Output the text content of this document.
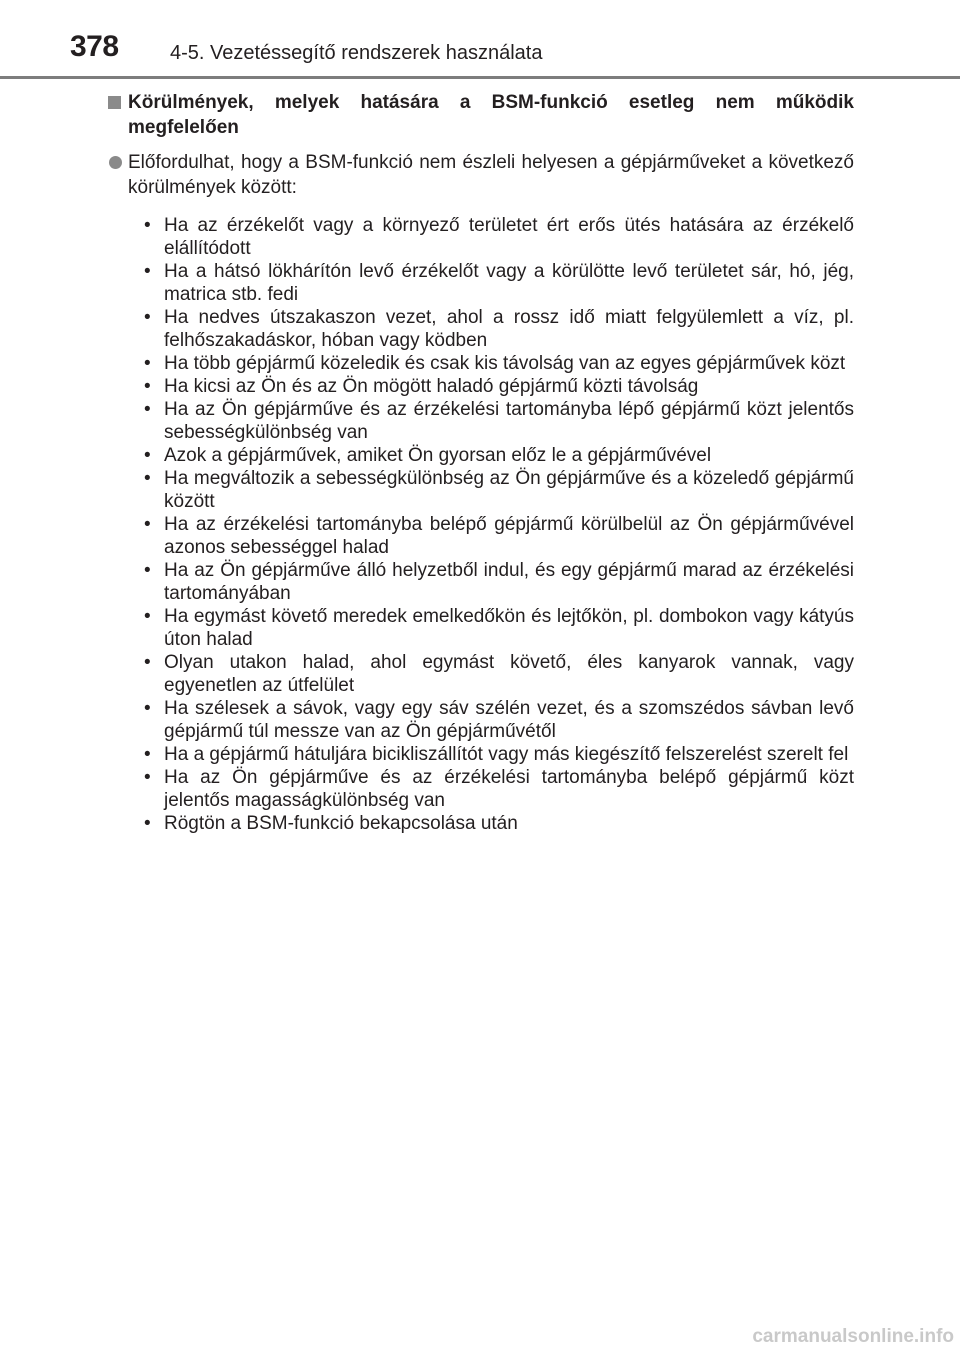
378	4-5. Vezetéssegítő rendszerek használata
Körülmények, melyek hatására a BSM-funkció esetleg nem működik megfelelően
Előfordulhat, hogy a BSM-funkció nem észleli helyesen a gépjárműveket a következő körülmények között:
• Ha az érzékelőt vagy a környező területet ért erős ütés hatására az érzékelő elállítódott
• Ha a hátsó lökhárítón levő érzékelőt vagy a körülötte levő területet sár, hó, jég, matrica stb. fedi
• Ha nedves útszakaszon vezet, ahol a rossz idő miatt felgyülemlett a víz, pl. felhőszakadáskor, hóban vagy ködben
• Ha több gépjármű közeledik és csak kis távolság van az egyes gépjárművek közt
• Ha kicsi az Ön és az Ön mögött haladó gépjármű közti távolság
• Ha az Ön gépjárműve és az érzékelési tartományba lépő gépjármű közt jelentős sebességkülönbség van
• Azok a gépjárművek, amiket Ön gyorsan előz le a gépjárművével
• Ha megváltozik a sebességkülönbség az Ön gépjárműve és a közeledő gépjármű között
• Ha az érzékelési tartományba belépő gépjármű körülbelül az Ön gépjárművével azonos sebességgel halad
• Ha az Ön gépjárműve álló helyzetből indul, és egy gépjármű marad az érzékelési tartományában
• Ha egymást követő meredek emelkedőkön és lejtőkön, pl. dombokon vagy kátyús úton halad
• Olyan utakon halad, ahol egymást követő, éles kanyarok vannak, vagy egyenetlen az útfelület
• Ha szélesek a sávok, vagy egy sáv szélén vezet, és a szomszédos sávban levő gépjármű túl messze van az Ön gépjárművétől
• Ha a gépjármű hátuljára bicikliszállítót vagy más kiegészítő felszerelést szerelt fel
• Ha az Ön gépjárműve és az érzékelési tartományba belépő gépjármű közt jelentős magasságkülönbség van
• Rögtön a BSM-funkció bekapcsolása után
carmanualsonline.info
